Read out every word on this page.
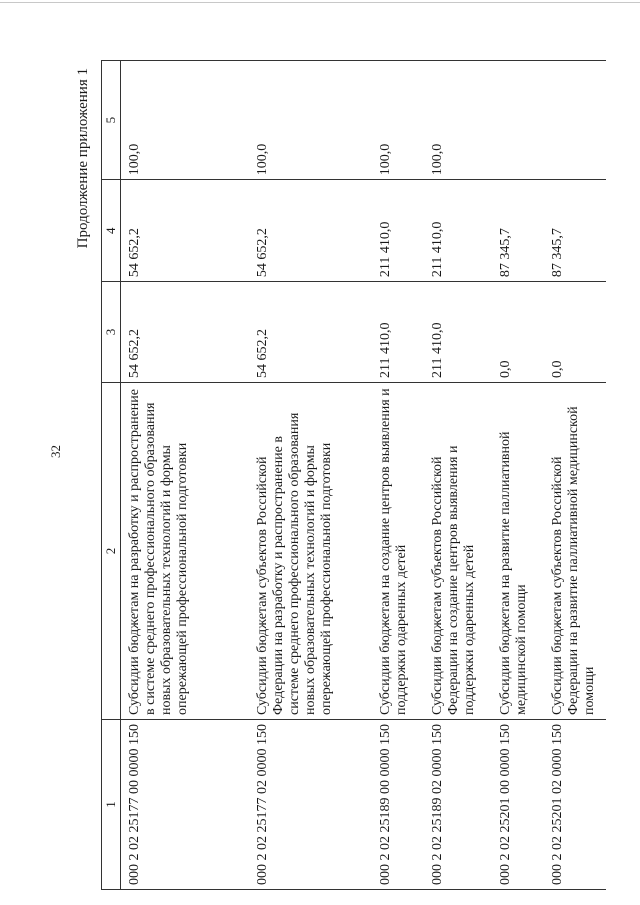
32
Продолжение приложения 1
1	2	3	4	5
000 2 02 25177 00 0000 150	Субсидии бюджетам на разработку и распространение в системе среднего профессионального образования новых образовательных технологий и формы опережающей профессиональной подготовки	54 652,2	54 652,2	100,0
000 2 02 25177 02 0000 150	Субсидии бюджетам субъектов Российской Федерации на разработку и распространение в системе среднего профессионального образования новых образовательных технологий и формы опережающей профессиональной подготовки	54 652,2	54 652,2	100,0
000 2 02 25189 00 0000 150	Субсидии бюджетам на создание центров выявления и поддержки одаренных детей	211 410,0	211 410,0	100,0
000 2 02 25189 02 0000 150	Субсидии бюджетам субъектов Российской Федерации на создание центров выявления и поддержки одаренных детей	211 410,0	211 410,0	100,0
000 2 02 25201 00 0000 150	Субсидии бюджетам на развитие паллиативной медицинской помощи	0,0	87 345,7	
000 2 02 25201 02 0000 150	Субсидии бюджетам субъектов Российской Федерации на развитие паллиативной медицинской помощи	0,0	87 345,7	
